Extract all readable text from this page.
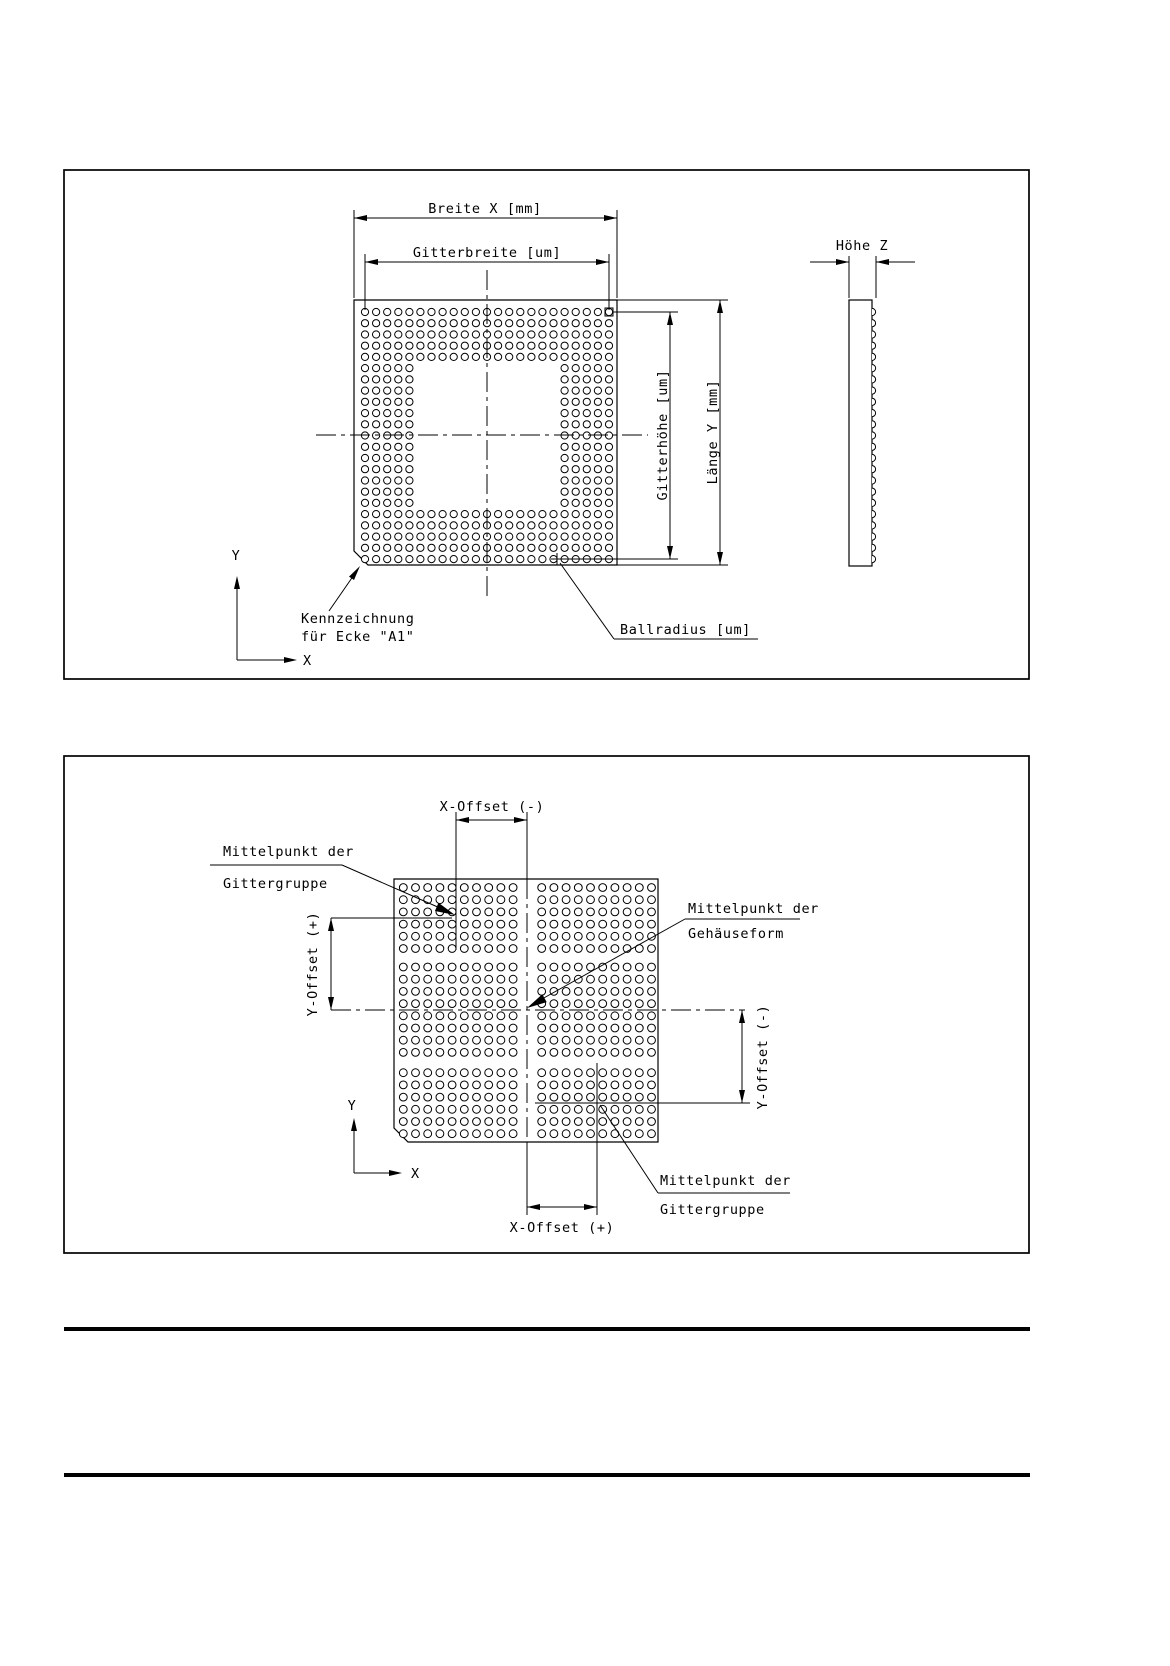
Breite X [mm]
Gitterbreite [um]
Länge Y [mm]
Gitterhöhe [um]
Höhe Z
Ballradius [um]
Kennzeichnung
für Ecke "A1"
Y
X
X-Offset (-)
X-Offset (+)
Y-Offset (+)
Y-Offset (-)
Mittelpunkt der
Gittergruppe
Mittelpunkt der
Gehäuseform
Mittelpunkt der
Gittergruppe
Y
X
